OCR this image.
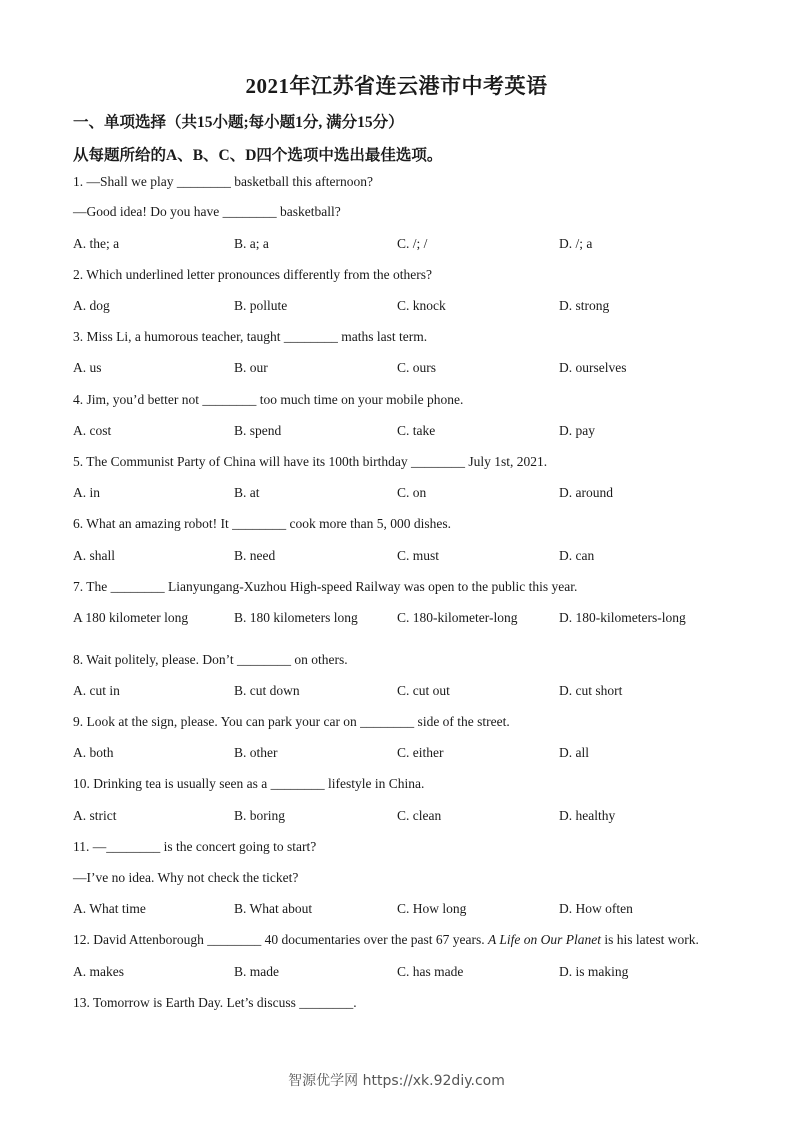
2021年江苏省连云港市中考英语
一、单项选择（共15小题;每小题1分, 满分15分）
从每题所给的A、B、C、D四个选项中选出最佳选项。
1. —Shall we play ________ basketball this afternoon?
—Good idea! Do you have ________ basketball?
A. the; a	B. a; a	C. /; /	D. /; a
2. Which underlined letter pronounces differently from the others?
A. dog	B. pollute	C. knock	D. strong
3. Miss Li, a humorous teacher, taught ________ maths last term.
A. us	B. our	C. ours	D. ourselves
4. Jim, you’d better not ________ too much time on your mobile phone.
A. cost	B. spend	C. take	D. pay
5. The Communist Party of China will have its 100th birthday ________ July 1st, 2021.
A. in	B. at	C. on	D. around
6. What an amazing robot! It ________ cook more than 5, 000 dishes.
A. shall	B. need	C. must	D. can
7. The ________ Lianyungang-Xuzhou High-speed Railway was open to the public this year.
A 180 kilometer long	B. 180 kilometers long	C. 180-kilometer-long	D. 180-kilometers-long
8. Wait politely, please. Don’t ________ on others.
A. cut in	B. cut down	C. cut out	D. cut short
9. Look at the sign, please. You can park your car on ________ side of the street.
A. both	B. other	C. either	D. all
10. Drinking tea is usually seen as a ________ lifestyle in China.
A. strict	B. boring	C. clean	D. healthy
11. —________ is the concert going to start?
—I’ve no idea. Why not check the ticket?
A. What time	B. What about	C. How long	D. How often
12. David Attenborough ________ 40 documentaries over the past 67 years. A Life on Our Planet is his latest work.
A. makes	B. made	C. has made	D. is making
13. Tomorrow is Earth Day. Let’s discuss ________.
智源优学网 https://xk.92diy.com
